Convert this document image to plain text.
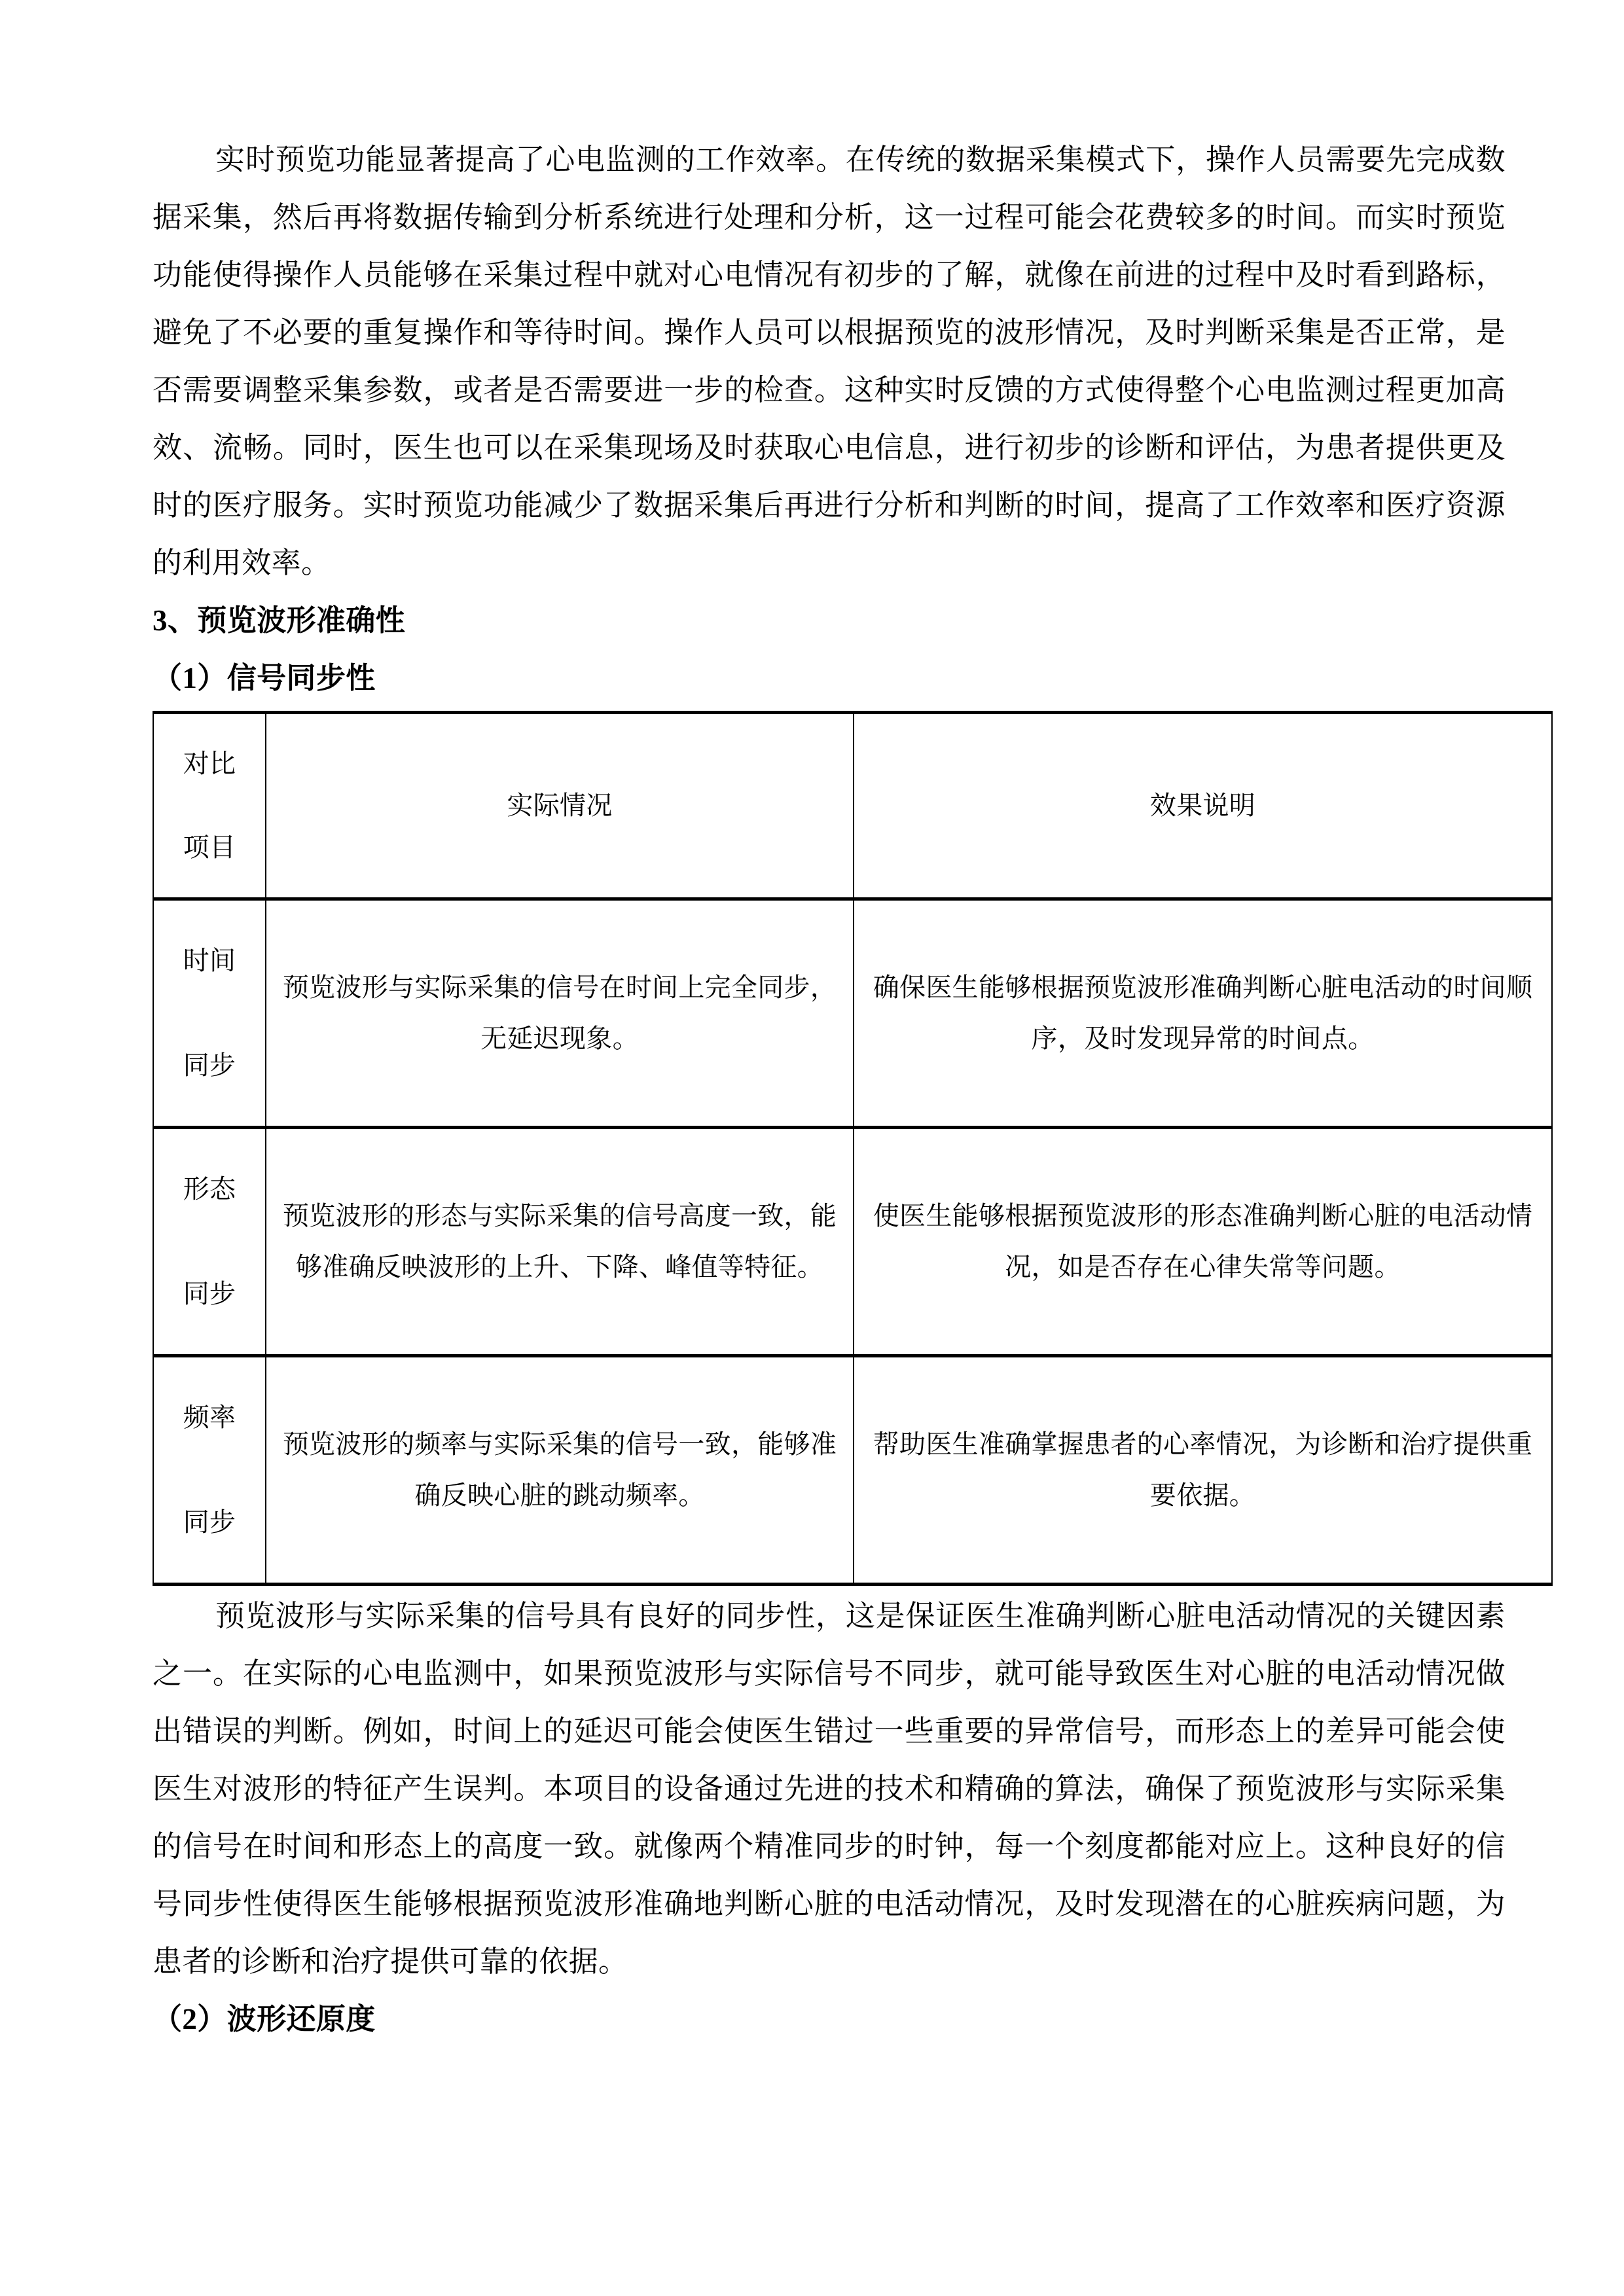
实时预览功能显著提高了心电监测的工作效率。在传统的数据采集模式下，操作人员需要先完成数据采集，然后再将数据传输到分析系统进行处理和分析，这一过程可能会花费较多的时间。而实时预览功能使得操作人员能够在采集过程中就对心电情况有初步的了解，就像在前进的过程中及时看到路标，避免了不必要的重复操作和等待时间。操作人员可以根据预览的波形情况，及时判断采集是否正常，是否需要调整采集参数，或者是否需要进一步的检查。这种实时反馈的方式使得整个心电监测过程更加高效、流畅。同时，医生也可以在采集现场及时获取心电信息，进行初步的诊断和评估，为患者提供更及时的医疗服务。实时预览功能减少了数据采集后再进行分析和判断的时间，提高了工作效率和医疗资源的利用效率。

3、预览波形准确性
（1）信号同步性
对比
项目	实际情况	效果说明

时间
同步	预览波形与实际采集的信号在时间上完全同步，无延迟现象。	确保医生能够根据预览波形准确判断心脏电活动的时间顺序，及时发现异常的时间点。

形态
同步	预览波形的形态与实际采集的信号高度一致，能够准确反映波形的上升、下降、峰值等特征。	使医生能够根据预览波形的形态准确判断心脏的电活动情况，如是否存在心律失常等问题。

频率
同步	预览波形的频率与实际采集的信号一致，能够准确反映心脏的跳动频率。	帮助医生准确掌握患者的心率情况，为诊断和治疗提供重要依据。

预览波形与实际采集的信号具有良好的同步性，这是保证医生准确判断心脏电活动情况的关键因素之一。在实际的心电监测中，如果预览波形与实际信号不同步，就可能导致医生对心脏的电活动情况做出错误的判断。例如，时间上的延迟可能会使医生错过一些重要的异常信号，而形态上的差异可能会使医生对波形的特征产生误判。本项目的设备通过先进的技术和精确的算法，确保了预览波形与实际采集的信号在时间和形态上的高度一致。就像两个精准同步的时钟，每一个刻度都能对应上。这种良好的信号同步性使得医生能够根据预览波形准确地判断心脏的电活动情况，及时发现潜在的心脏疾病问题，为患者的诊断和治疗提供可靠的依据。

（2）波形还原度
